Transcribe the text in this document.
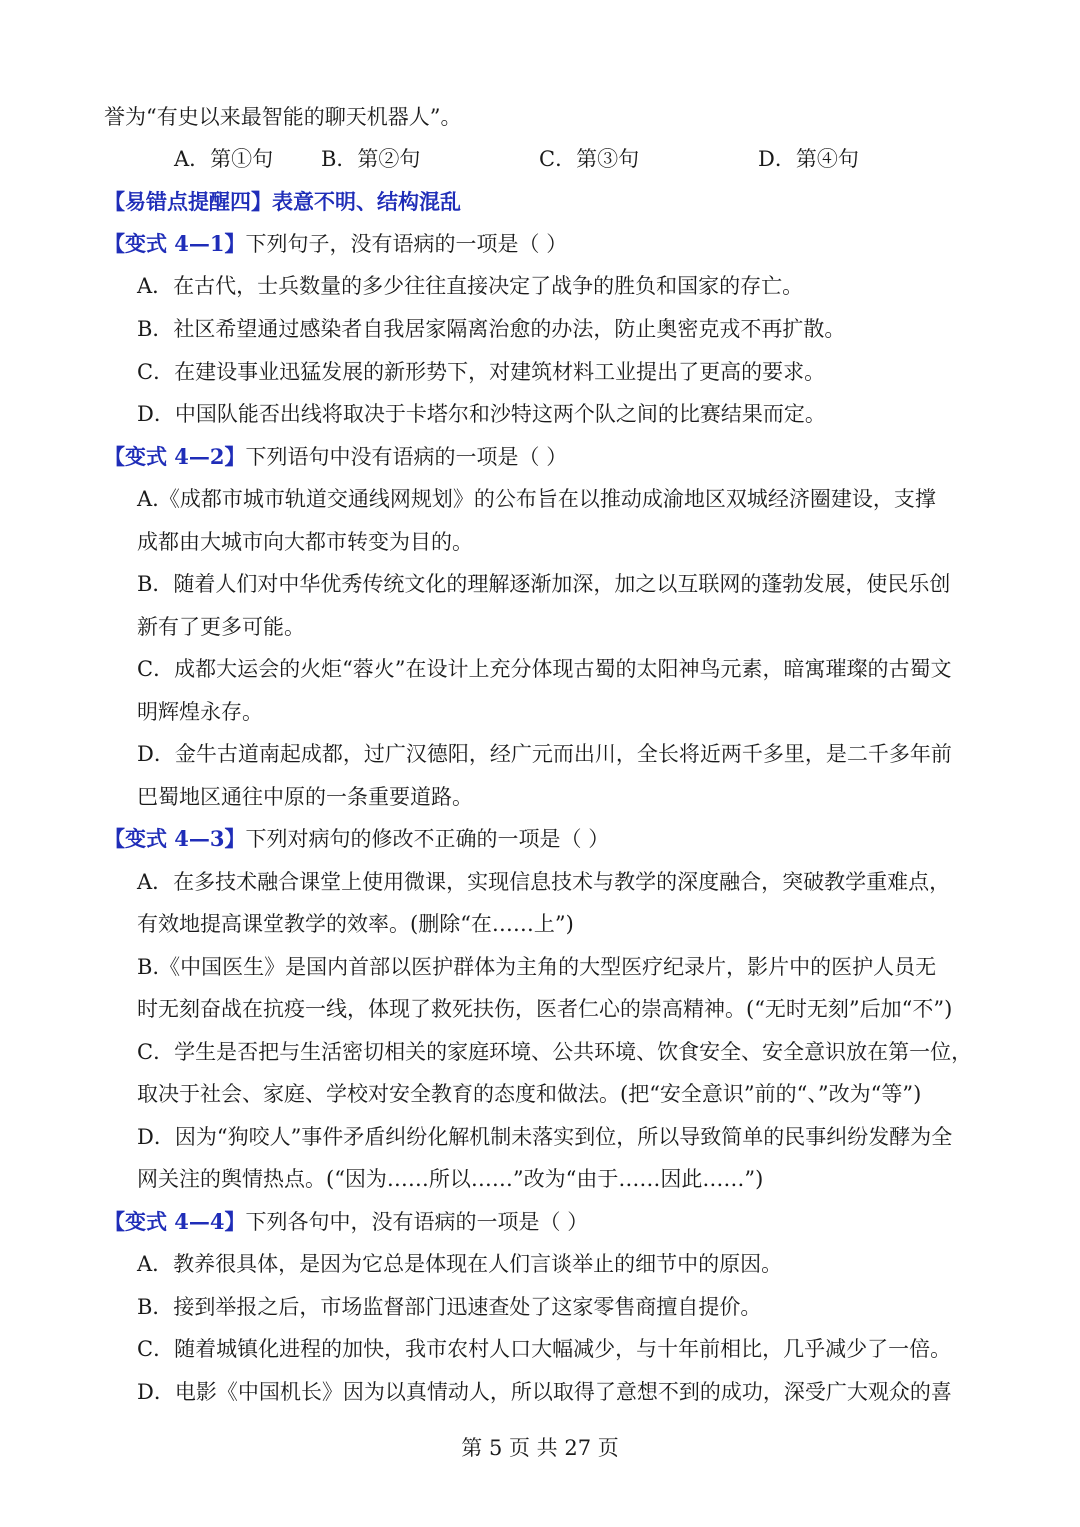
誉为“有史以来最智能的聊天机器人”。
A．第①句 B．第②句	C．第③句	D．第④句
【易错点提醒四】表意不明、结构混乱
【变式 4—1】下列句子，没有语病的一项是（ ）
A．在古代，士兵数量的多少往往直接决定了战争的胜负和国家的存亡。
B．社区希望通过感染者自我居家隔离治愈的办法，防止奥密克戎不再扩散。
C．在建设事业迅猛发展的新形势下，对建筑材料工业提出了更高的要求。
D．中国队能否出线将取决于卡塔尔和沙特这两个队之间的比赛结果而定。
【变式 4—2】下列语句中没有语病的一项是（ ）
A.《成都市城市轨道交通线网规划》的公布旨在以推动成渝地区双城经济圈建设，支撑
成都由大城市向大都市转变为目的。
B．随着人们对中华优秀传统文化的理解逐渐加深，加之以互联网的蓬勃发展，使民乐创
新有了更多可能。
C．成都大运会的火炬“蓉火”在设计上充分体现古蜀的太阳神鸟元素，暗寓璀璨的古蜀文
明辉煌永存。
D．金牛古道南起成都，过广汉德阳，经广元而出川，全长将近两千多里，是二千多年前
巴蜀地区通往中原的一条重要道路。
【变式 4—3】下列对病句的修改不正确的一项是（ ）
A．在多技术融合课堂上使用微课，实现信息技术与教学的深度融合，突破教学重难点，
有效地提高课堂教学的效率。(删除“在……上”)
B.《中国医生》是国内首部以医护群体为主角的大型医疗纪录片，影片中的医护人员无
时无刻奋战在抗疫一线，体现了救死扶伤，医者仁心的崇高精神。(“无时无刻”后加“不”)
C．学生是否把与生活密切相关的家庭环境、公共环境、饮食安全、安全意识放在第一位，
取决于社会、家庭、学校对安全教育的态度和做法。(把“安全意识”前的“、”改为“等”)
D．因为“狗咬人”事件矛盾纠纷化解机制未落实到位，所以导致简单的民事纠纷发酵为全
网关注的舆情热点。(“因为……所以……”改为“由于……因此……”)
【变式 4—4】下列各句中，没有语病的一项是（ ）
A．教养很具体，是因为它总是体现在人们言谈举止的细节中的原因。
B．接到举报之后，市场监督部门迅速查处了这家零售商擅自提价。
C．随着城镇化进程的加快，我市农村人口大幅减少，与十年前相比，几乎减少了一倍。
D．电影《中国机长》因为以真情动人，所以取得了意想不到的成功，深受广大观众的喜
第 5 页 共 27 页
